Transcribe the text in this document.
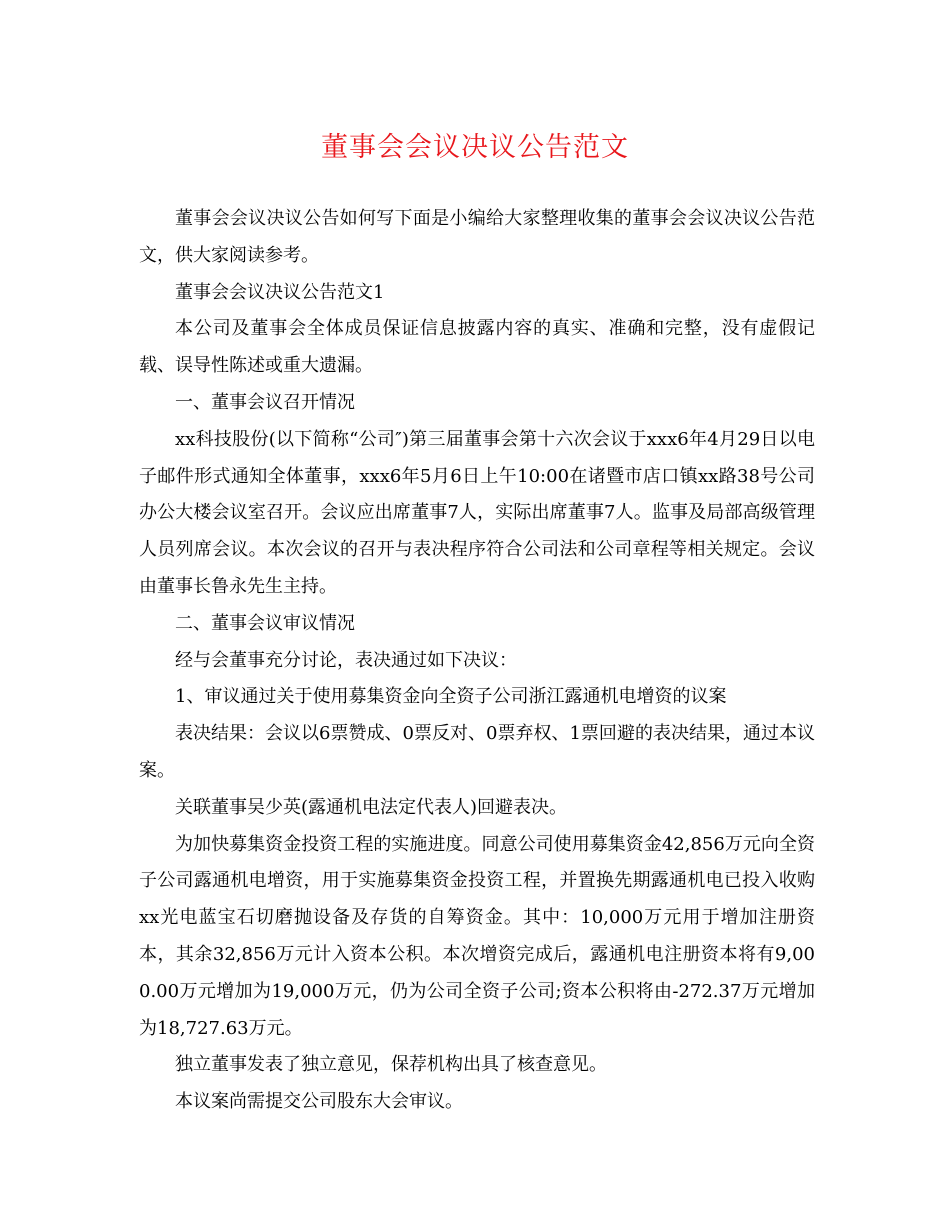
董事会会议决议公告范文

董事会会议决议公告如何写下面是小编给大家整理收集的董事会会议决议公告范文，供大家阅读参考。

董事会会议决议公告范文1

本公司及董事会全体成员保证信息披露内容的真实、准确和完整，没有虚假记载、误导性陈述或重大遗漏。

一、董事会议召开情况

xx科技股份(以下简称“公司″)第三届董事会第十六次会议于xxx6年4月29日以电子邮件形式通知全体董事，xxx6年5月6日上午10:00在诸暨市店口镇xx路38号公司办公大楼会议室召开。会议应出席董事7人，实际出席董事7人。监事及局部高级管理人员列席会议。本次会议的召开与表决程序符合公司法和公司章程等相关规定。会议由董事长鲁永先生主持。

二、董事会议审议情况

经与会董事充分讨论，表决通过如下决议：

1、审议通过关于使用募集资金向全资子公司浙江露通机电增资的议案

表决结果：会议以6票赞成、0票反对、0票弃权、1票回避的表决结果，通过本议案。

关联董事吴少英(露通机电法定代表人)回避表决。

为加快募集资金投资工程的实施进度。同意公司使用募集资金42,856万元向全资子公司露通机电增资，用于实施募集资金投资工程，并置换先期露通机电已投入收购xx光电蓝宝石切磨抛设备及存货的自筹资金。其中：10,000万元用于增加注册资本，其余32,856万元计入资本公积。本次增资完成后，露通机电注册资本将有9,000.00万元增加为19,000万元，仍为公司全资子公司;资本公积将由-272.37万元增加为18,727.63万元。

独立董事发表了独立意见，保荐机构出具了核查意见。

本议案尚需提交公司股东大会审议。
